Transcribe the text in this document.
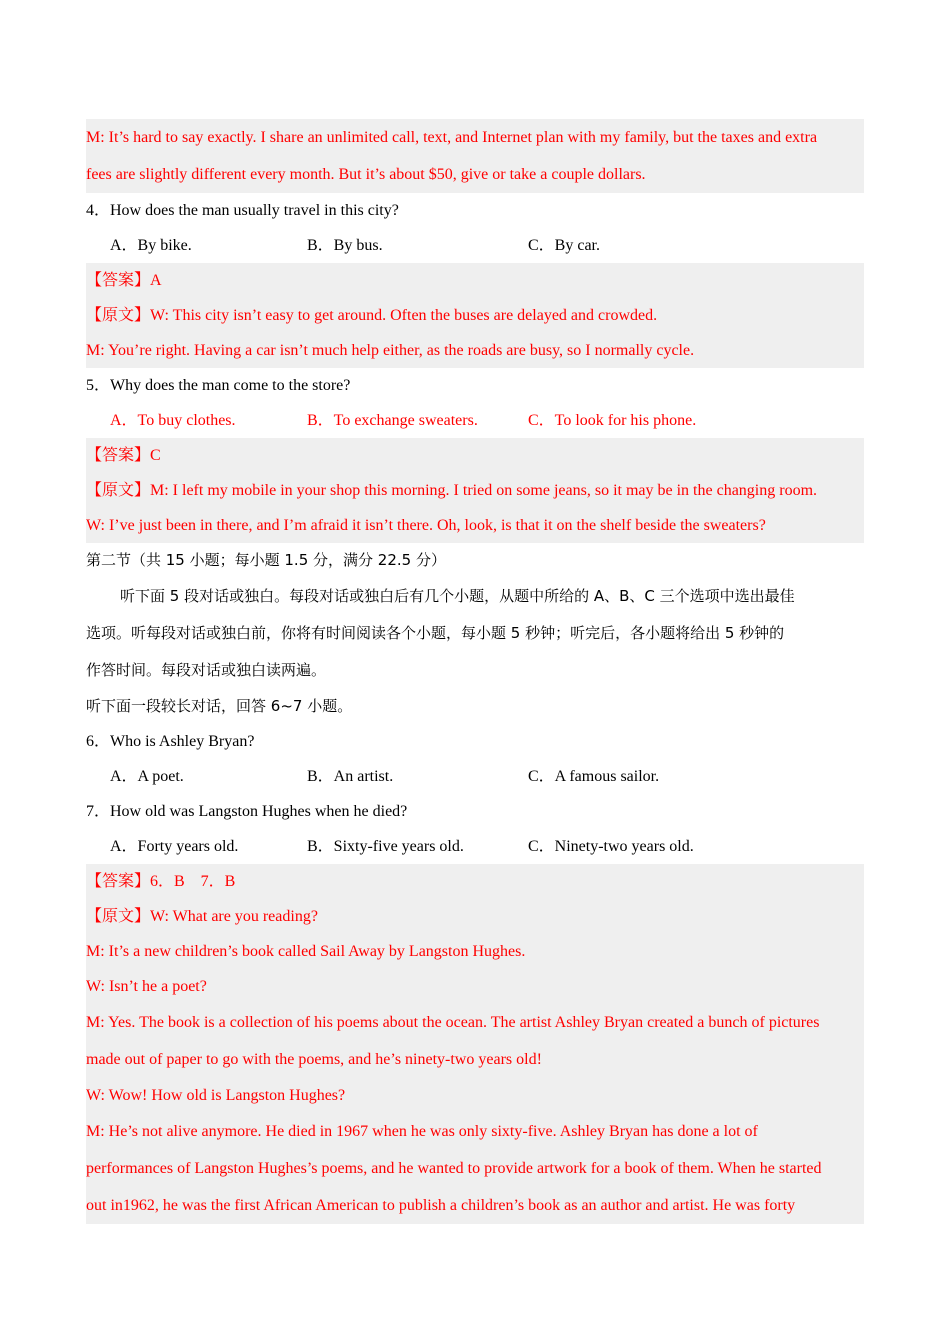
M: It’s hard to say exactly. I share an unlimited call, text, and Internet plan with my family, but the taxes and extra
fees are slightly different every month. But it’s about $50, give or take a couple dollars.
4．How does the man usually travel in this city?
A．By bike.	B．By bus.	C．By car.
【答案】A
【原文】W: This city isn’t easy to get around. Often the buses are delayed and crowded.
M: You’re right. Having a car isn’t much help either, as the roads are busy, so I normally cycle.
5．Why does the man come to the store?
A．To buy clothes.	B．To exchange sweaters.	C．To look for his phone.
【答案】C
【原文】M: I left my mobile in your shop this morning. I tried on some jeans, so it may be in the changing room.
W: I’ve just been in there, and I’m afraid it isn’t there. Oh, look, is that it on the shelf beside the sweaters?
第二节（共 15 小题；每小题 1.5 分，满分 22.5 分）
听下面 5 段对话或独白。每段对话或独白后有几个小题，从题中所给的 A、B、C 三个选项中选出最佳
选项。听每段对话或独白前，你将有时间阅读各个小题，每小题 5 秒钟；听完后，各小题将给出 5 秒钟的
作答时间。每段对话或独白读两遍。
听下面一段较长对话，回答 6~7 小题。
6．Who is Ashley Bryan?
A．A poet.	B．An artist.	C．A famous sailor.
7．How old was Langston Hughes when he died?
A．Forty years old.	B．Sixty-five years old.	C．Ninety-two years old.
【答案】6．B　7．B
【原文】W: What are you reading?
M: It’s a new children’s book called Sail Away by Langston Hughes.
W: Isn’t he a poet?
M: Yes. The book is a collection of his poems about the ocean. The artist Ashley Bryan created a bunch of pictures
made out of paper to go with the poems, and he’s ninety-two years old!
W: Wow! How old is Langston Hughes?
M: He’s not alive anymore. He died in 1967 when he was only sixty-five. Ashley Bryan has done a lot of
performances of Langston Hughes’s poems, and he wanted to provide artwork for a book of them. When he started
out in1962, he was the first African American to publish a children’s book as an author and artist. He was forty
